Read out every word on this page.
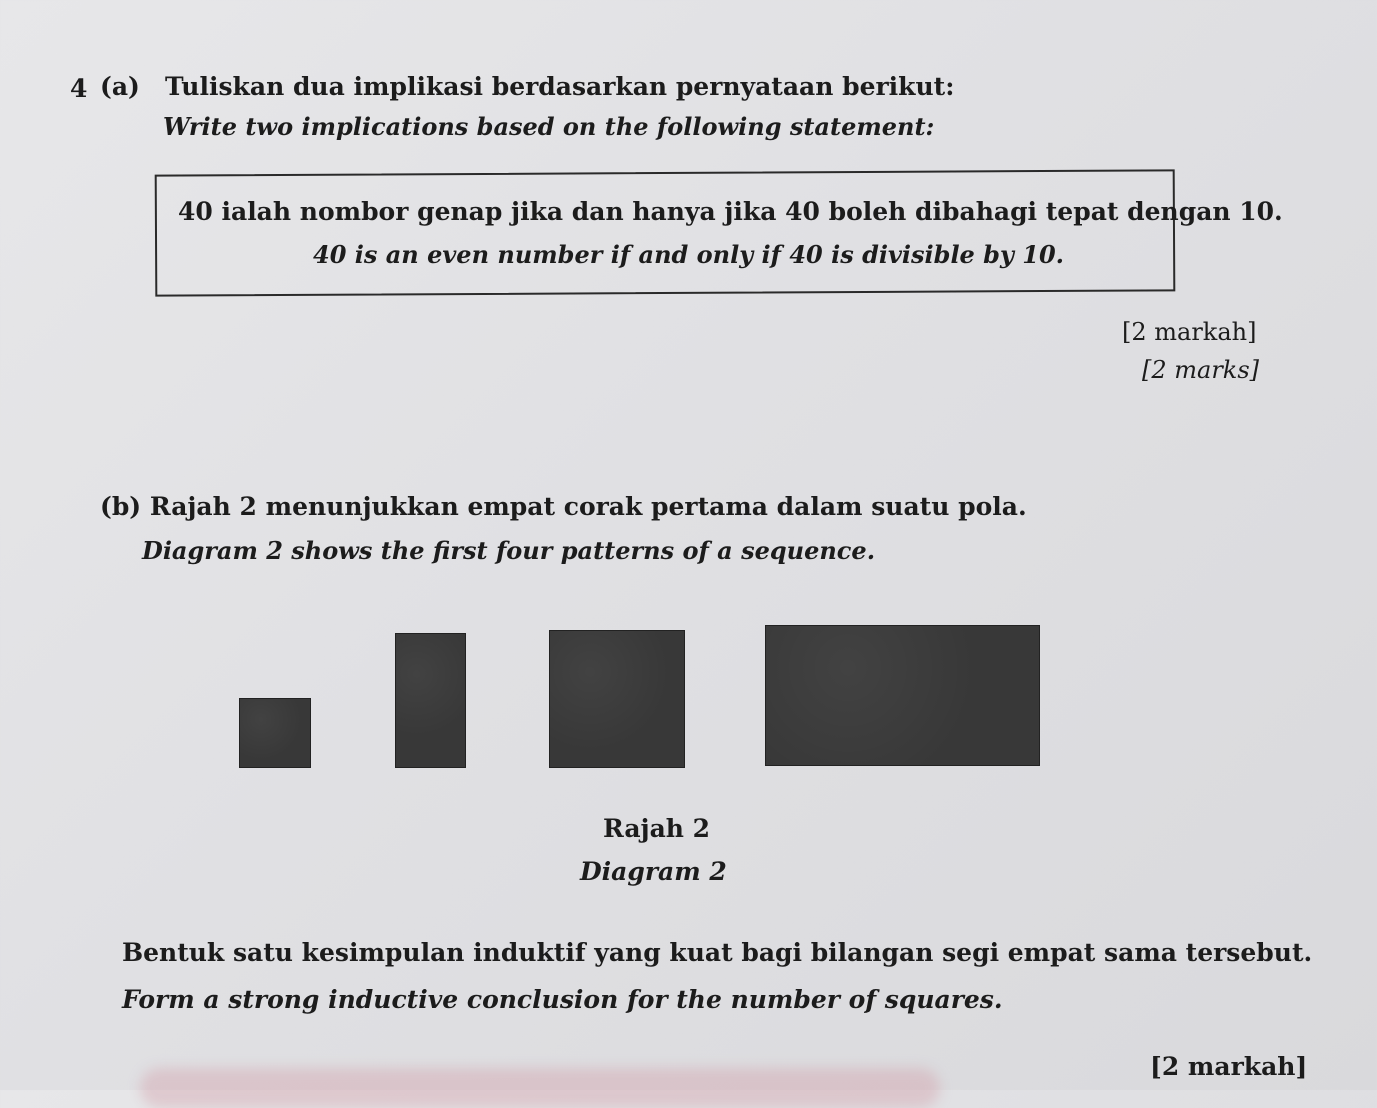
4 (a) Tuliskan dua implikasi berdasarkan pernyataan berikut:
Write two implications based on the following statement:
40 ialah nombor genap jika dan hanya jika 40 boleh dibahagi tepat dengan 10.
40 is an even number if and only if 40 is divisible by 10.
[2 markah]
[2 marks]
(b) Rajah 2 menunjukkan empat corak pertama dalam suatu pola.
Diagram 2 shows the first four patterns of a sequence.
Rajah 2
Diagram 2
Bentuk satu kesimpulan induktif yang kuat bagi bilangan segi empat sama tersebut.
Form a strong inductive conclusion for the number of squares.
[2 markah]
